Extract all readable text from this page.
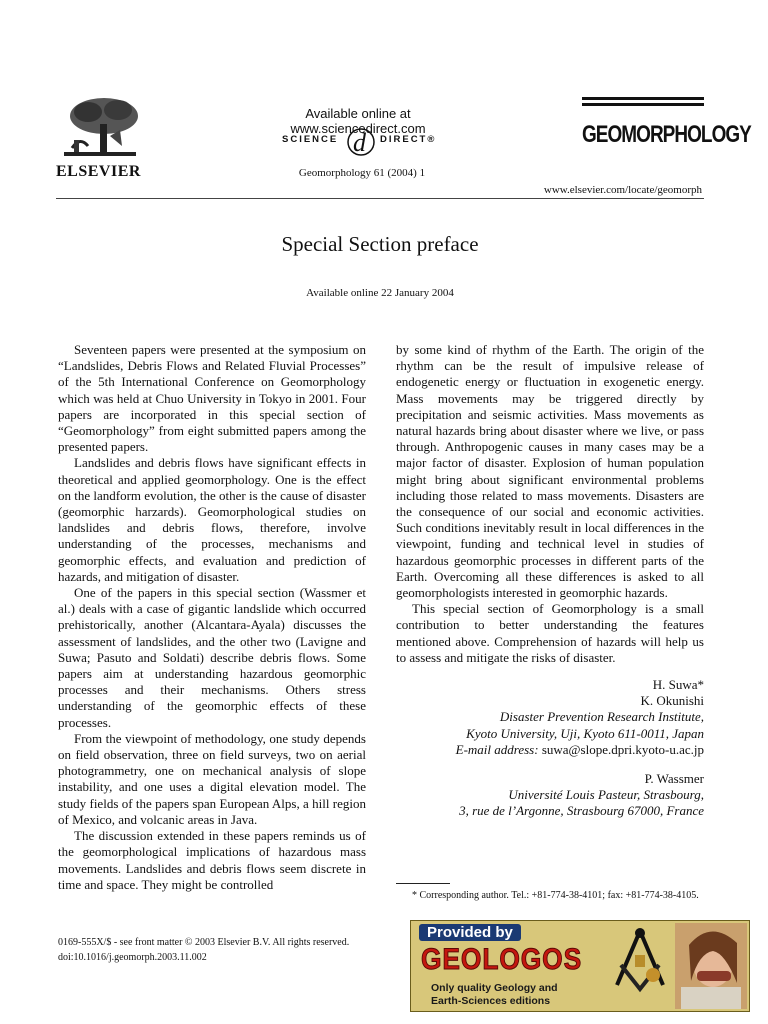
ELSEVIER
Available online at www.sciencedirect.com
SCIENCE d DIRECT®
Geomorphology 61 (2004) 1
GEOMORPHOLOGY
www.elsevier.com/locate/geomorph
Special Section preface
Available online 22 January 2004

Seventeen papers were presented at the symposium on “Landslides, Debris Flows and Related Fluvial Processes” of the 5th International Conference on Geomorphology which was held at Chuo University in Tokyo in 2001. Four papers are incorporated in this special section of “Geomorphology” from eight submitted papers among the presented papers.

Landslides and debris flows have significant effects in theoretical and applied geomorphology. One is the effect on the landform evolution, the other is the cause of disaster (geomorphic harzards). Geomorphological studies on landslides and debris flows, therefore, involve understanding of the processes, mechanisms and geomorphic effects, and evaluation and prediction of hazards, and mitigation of disaster.

One of the papers in this special section (Wassmer et al.) deals with a case of gigantic landslide which occurred prehistorically, another (Alcantara-Ayala) discusses the assessment of landslides, and the other two (Lavigne and Suwa; Pasuto and Soldati) describe debris flows. Some papers aim at understanding hazardous geomorphic processes and their mechanisms. Others stress understanding of the geomorphic effects of these processes.

From the viewpoint of methodology, one study depends on field observation, three on field surveys, two on aerial photogrammetry, one on mechanical analysis of slope instability, and one uses a digital elevation model. The study fields of the papers span European Alps, a hill region of Mexico, and volcanic areas in Java.

The discussion extended in these papers reminds us of the geomorphological implications of hazardous mass movements. Landslides and debris flows seem discrete in time and space. They might be controlled

by some kind of rhythm of the Earth. The origin of the rhythm can be the result of impulsive release of endogenetic energy or fluctuation in exogenetic energy. Mass movements may be triggered directly by precipitation and seismic activities. Mass movements as natural hazards bring about disaster where we live, or pass through. Anthropogenic causes in many cases may be a major factor of disaster. Explosion of human population might bring about significant environmental problems including those related to mass movements. Disasters are the consequence of our social and economic activities. Such conditions inevitably result in local differences in the viewpoint, funding and technical level in studies of hazardous geomorphic processes in different parts of the Earth. Overcoming all these differences is asked to all geomorphologists interested in geomorphic hazards.

This special section of Geomorphology is a small contribution to better understanding the features mentioned above. Comprehension of hazards will help us to assess and mitigate the risks of disaster.

H. Suwa*
K. Okunishi
Disaster Prevention Research Institute,
Kyoto University, Uji, Kyoto 611-0011, Japan
E-mail address: suwa@slope.dpri.kyoto-u.ac.jp
P. Wassmer
Université Louis Pasteur, Strasbourg,
3, rue de l’Argonne, Strasbourg 67000, France
* Corresponding author. Tel.: +81-774-38-4101; fax: +81-774-38-4105.
0169-555X/$ - see front matter © 2003 Elsevier B.V. All rights reserved.
doi:10.1016/j.geomorph.2003.11.002
Provided by
GEOLOGOS
Only quality Geology and
Earth-Sciences editions
